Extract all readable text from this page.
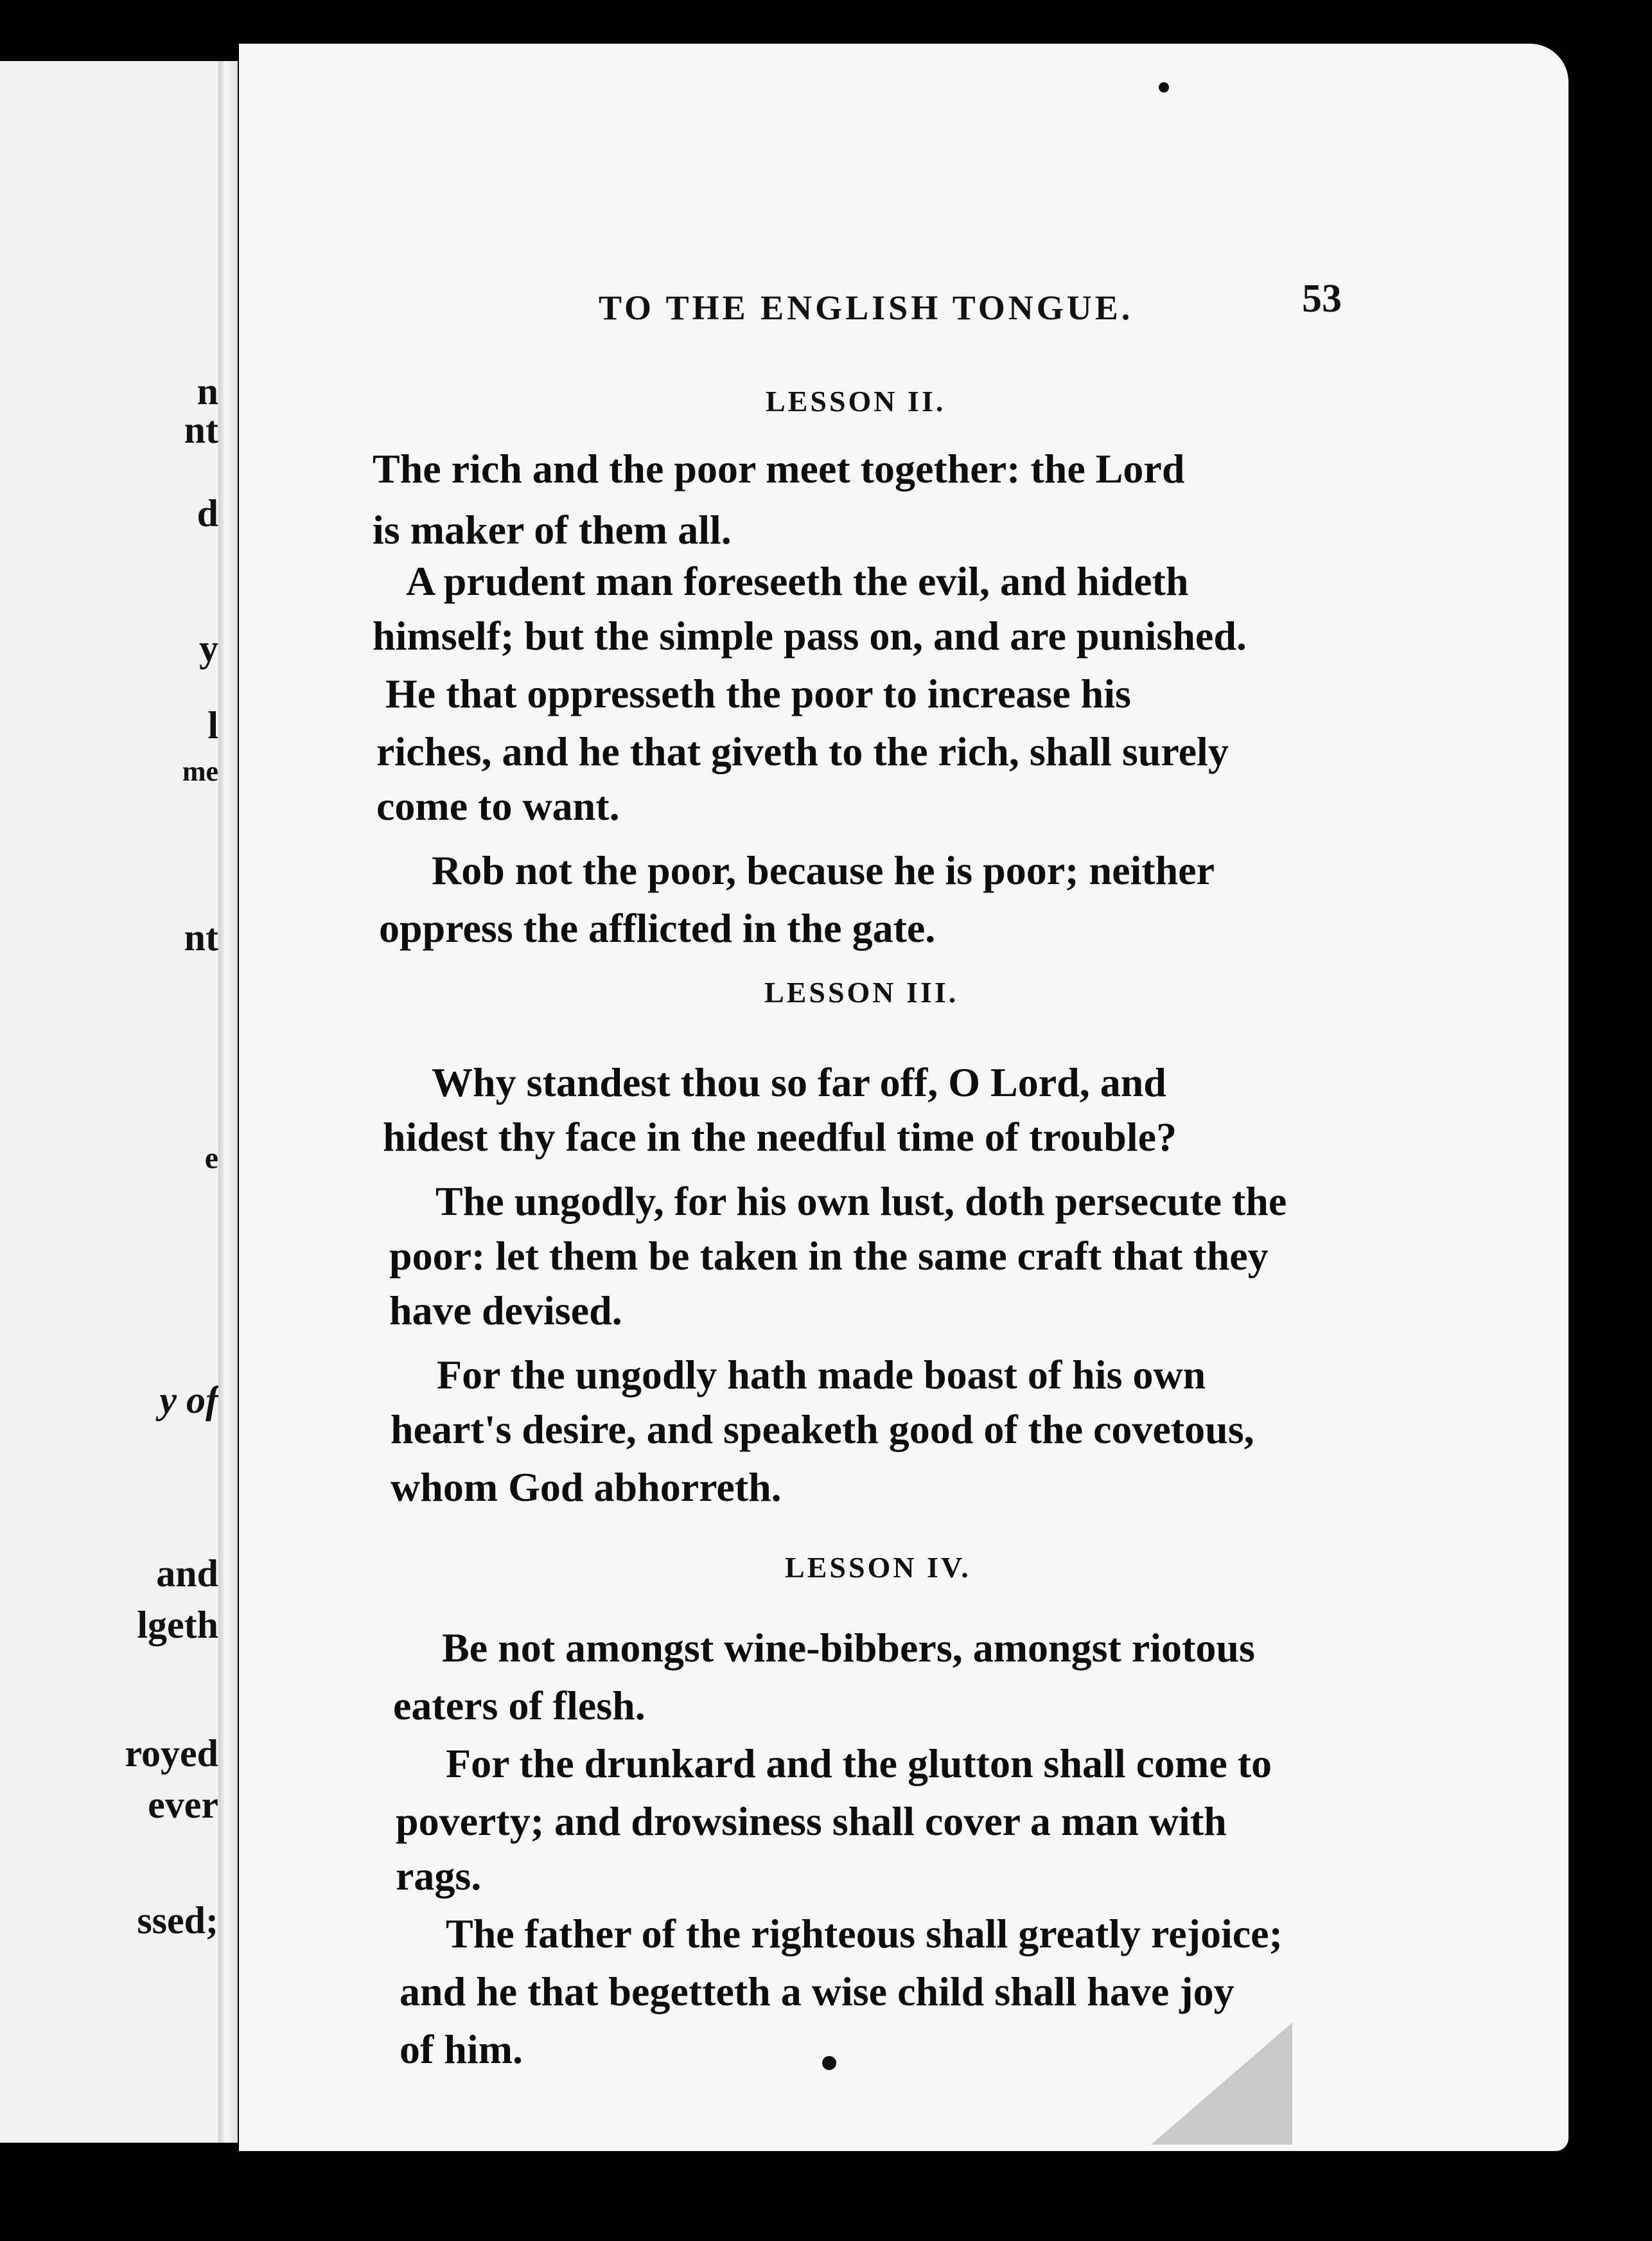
n
nt
d
y
l
me
nt
e
y of
and
lgeth
royed
ever
ssed;

TO THE ENGLISH TONGUE.	53
LESSON II.
The rich and the poor meet together: the Lord
is maker of them all.
A prudent man foreseeth the evil, and hideth
himself; but the simple pass on, and are punished.
He that oppresseth the poor to increase his
riches, and he that giveth to the rich, shall surely
come to want.
Rob not the poor, because he is poor; neither
oppress the afflicted in the gate.
LESSON III.
Why standest thou so far off, O Lord, and
hidest thy face in the needful time of trouble?
The ungodly, for his own lust, doth persecute the
poor: let them be taken in the same craft that they
have devised.
For the ungodly hath made boast of his own
heart's desire, and speaketh good of the covetous,
whom God abhorreth.
LESSON IV.
Be not amongst wine-bibbers, amongst riotous
eaters of flesh.
For the drunkard and the glutton shall come to
poverty; and drowsiness shall cover a man with
rags.
The father of the righteous shall greatly rejoice;
and he that begetteth a wise child shall have joy
of him.
